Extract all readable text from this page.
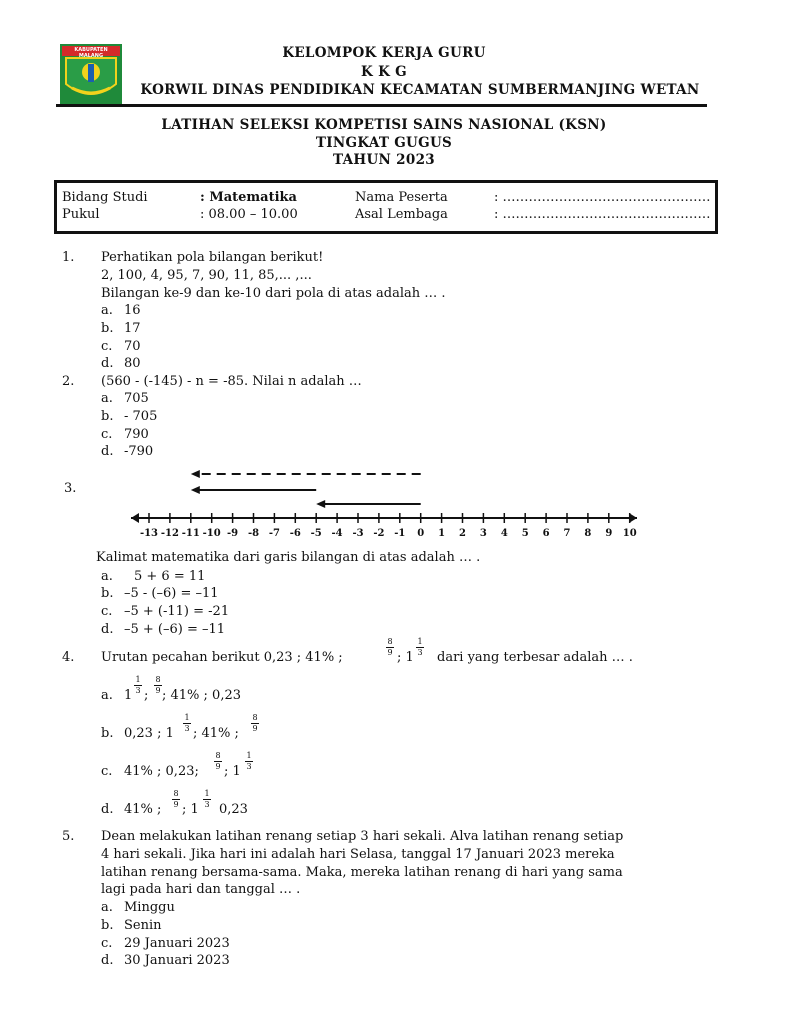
KABUPATEN MALANG	KELOMPOK KERJA GURU
K K G
KORWIL DINAS PENDIDIKAN KECAMATAN SUMBERMANJING WETAN
LATIHAN SELEKSI KOMPETISI SAINS NASIONAL (KSN)
TINGKAT GUGUS
TAHUN 2023
Bidang Studi	: Matematika
Pukul	: 08.00 – 10.00
Nama Peserta	: …………………………………………
Asal Lembaga	: …………………………………………
1. Perhatikan pola bilangan berikut!
2, 100, 4, 95, 7, 90, 11, 85,... ,...
Bilangan ke-9 dan ke-10 dari pola di atas adalah … .
a. 16
b. 17
c. 70
d. 80
2. (560 - (-145) - n = -85. Nilai n adalah …
a. 705
b. - 705
c. 790
d. -790
3.
-13 -12 -11 -10 -9 -8 -7 -6 -5 -4 -3 -2 -1 0 1 2 3 4 5 6 7 8 9 10
Kalimat matematika dari garis bilangan di atas adalah … .
a. 5 + 6 = 11
b. –5 - (–6) = –11
c. –5 + (-11) = -21
d. –5 + (–6) = –11
4. Urutan pecahan berikut 0,23 ; 41% ;
8
9 ; 1
1
3 dari yang terbesar adalah … .
a. 1
1
3 ;
8
9 ; 41% ; 0,23
b. 0,23 ; 1
1
3 ; 41% ;
8
9
c. 41% ; 0,23;
8
9 ; 1
1
3
d. 41% ;
8
9 ; 1
1
3 0,23
5. Dean melakukan latihan renang setiap 3 hari sekali. Alva latihan renang setiap
4 hari sekali. Jika hari ini adalah hari Selasa, tanggal 17 Januari 2023 mereka
latihan renang bersama-sama. Maka, mereka latihan renang di hari yang sama
lagi pada hari dan tanggal … .
a. Minggu
b. Senin
c. 29 Januari 2023
d. 30 Januari 2023
